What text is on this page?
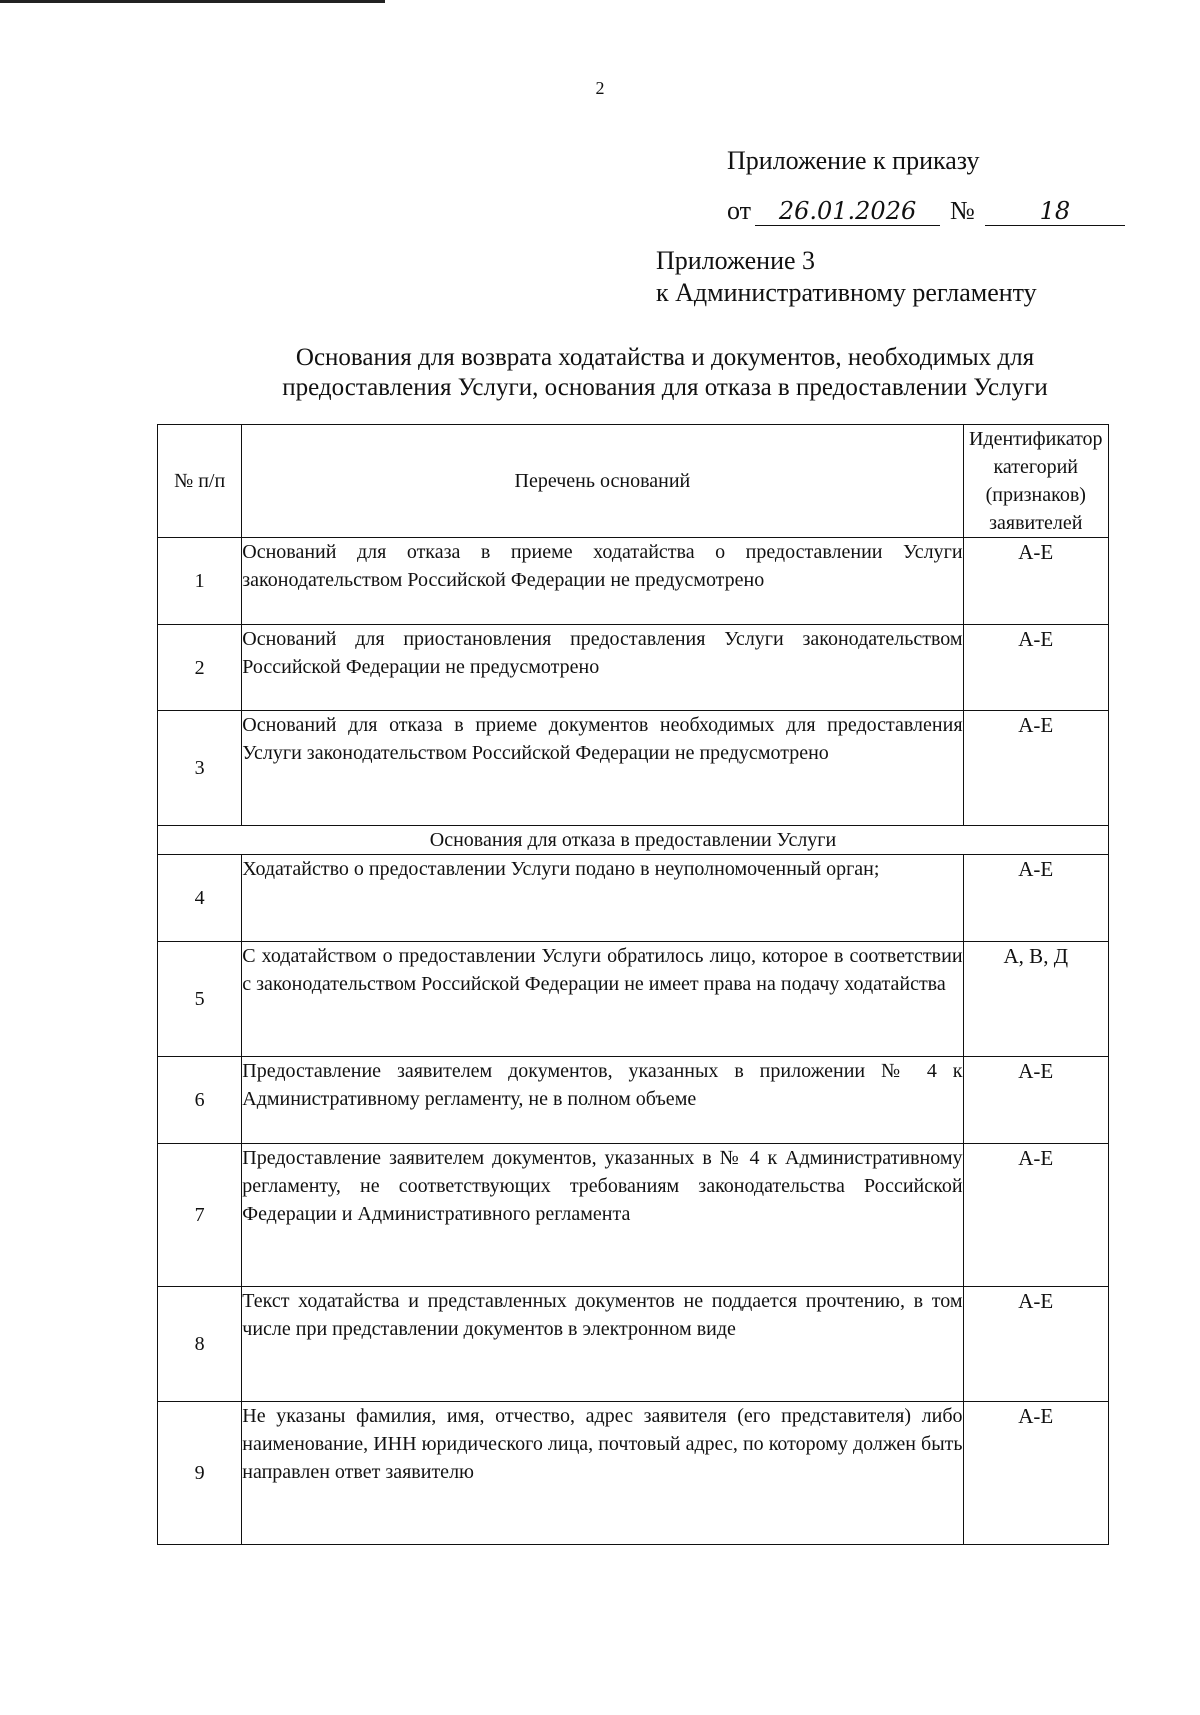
2
Приложение к приказу
от 26.01.2026 №	18
Приложение 3
к Административному регламенту
Основания для возврата ходатайства и документов, необходимых для предоставления Услуги, основания для отказа в предоставлении Услуги
№ п/п	Перечень оснований	Идентификатор категорий (признаков) заявителей
1	Оснований для отказа в приеме ходатайства о предоставлении Услуги законодательством Российской Федерации не предусмотрено	А-Е
2	Оснований для приостановления предоставления Услуги законодательством Российской Федерации не предусмотрено	А-Е
3	Оснований для отказа в приеме документов необходимых для предоставления Услуги законодательством Российской Федерации не предусмотрено	А-Е
Основания для отказа в предоставлении Услуги		
4	Ходатайство о предоставлении Услуги подано в неуполномоченный орган;	А-Е
5	С ходатайством о предоставлении Услуги обратилось лицо, которое в соответствии с законодательством Российской Федерации не имеет права на подачу ходатайства	А, В, Д
6	Предоставление заявителем документов, указанных в приложении № 4 к Административному регламенту, не в полном объеме	А-Е
7	Предоставление заявителем документов, указанных в № 4 к Административному регламенту, не соответствующих требованиям законодательства Российской Федерации и Административного регламента	А-Е
8	Текст ходатайства и представленных документов не поддается прочтению, в том числе при представлении документов в электронном виде	А-Е
9	Не указаны фамилия, имя, отчество, адрес заявителя (его представителя) либо наименование, ИНН юридического лица, почтовый адрес, по которому должен быть направлен ответ заявителю	А-Е
